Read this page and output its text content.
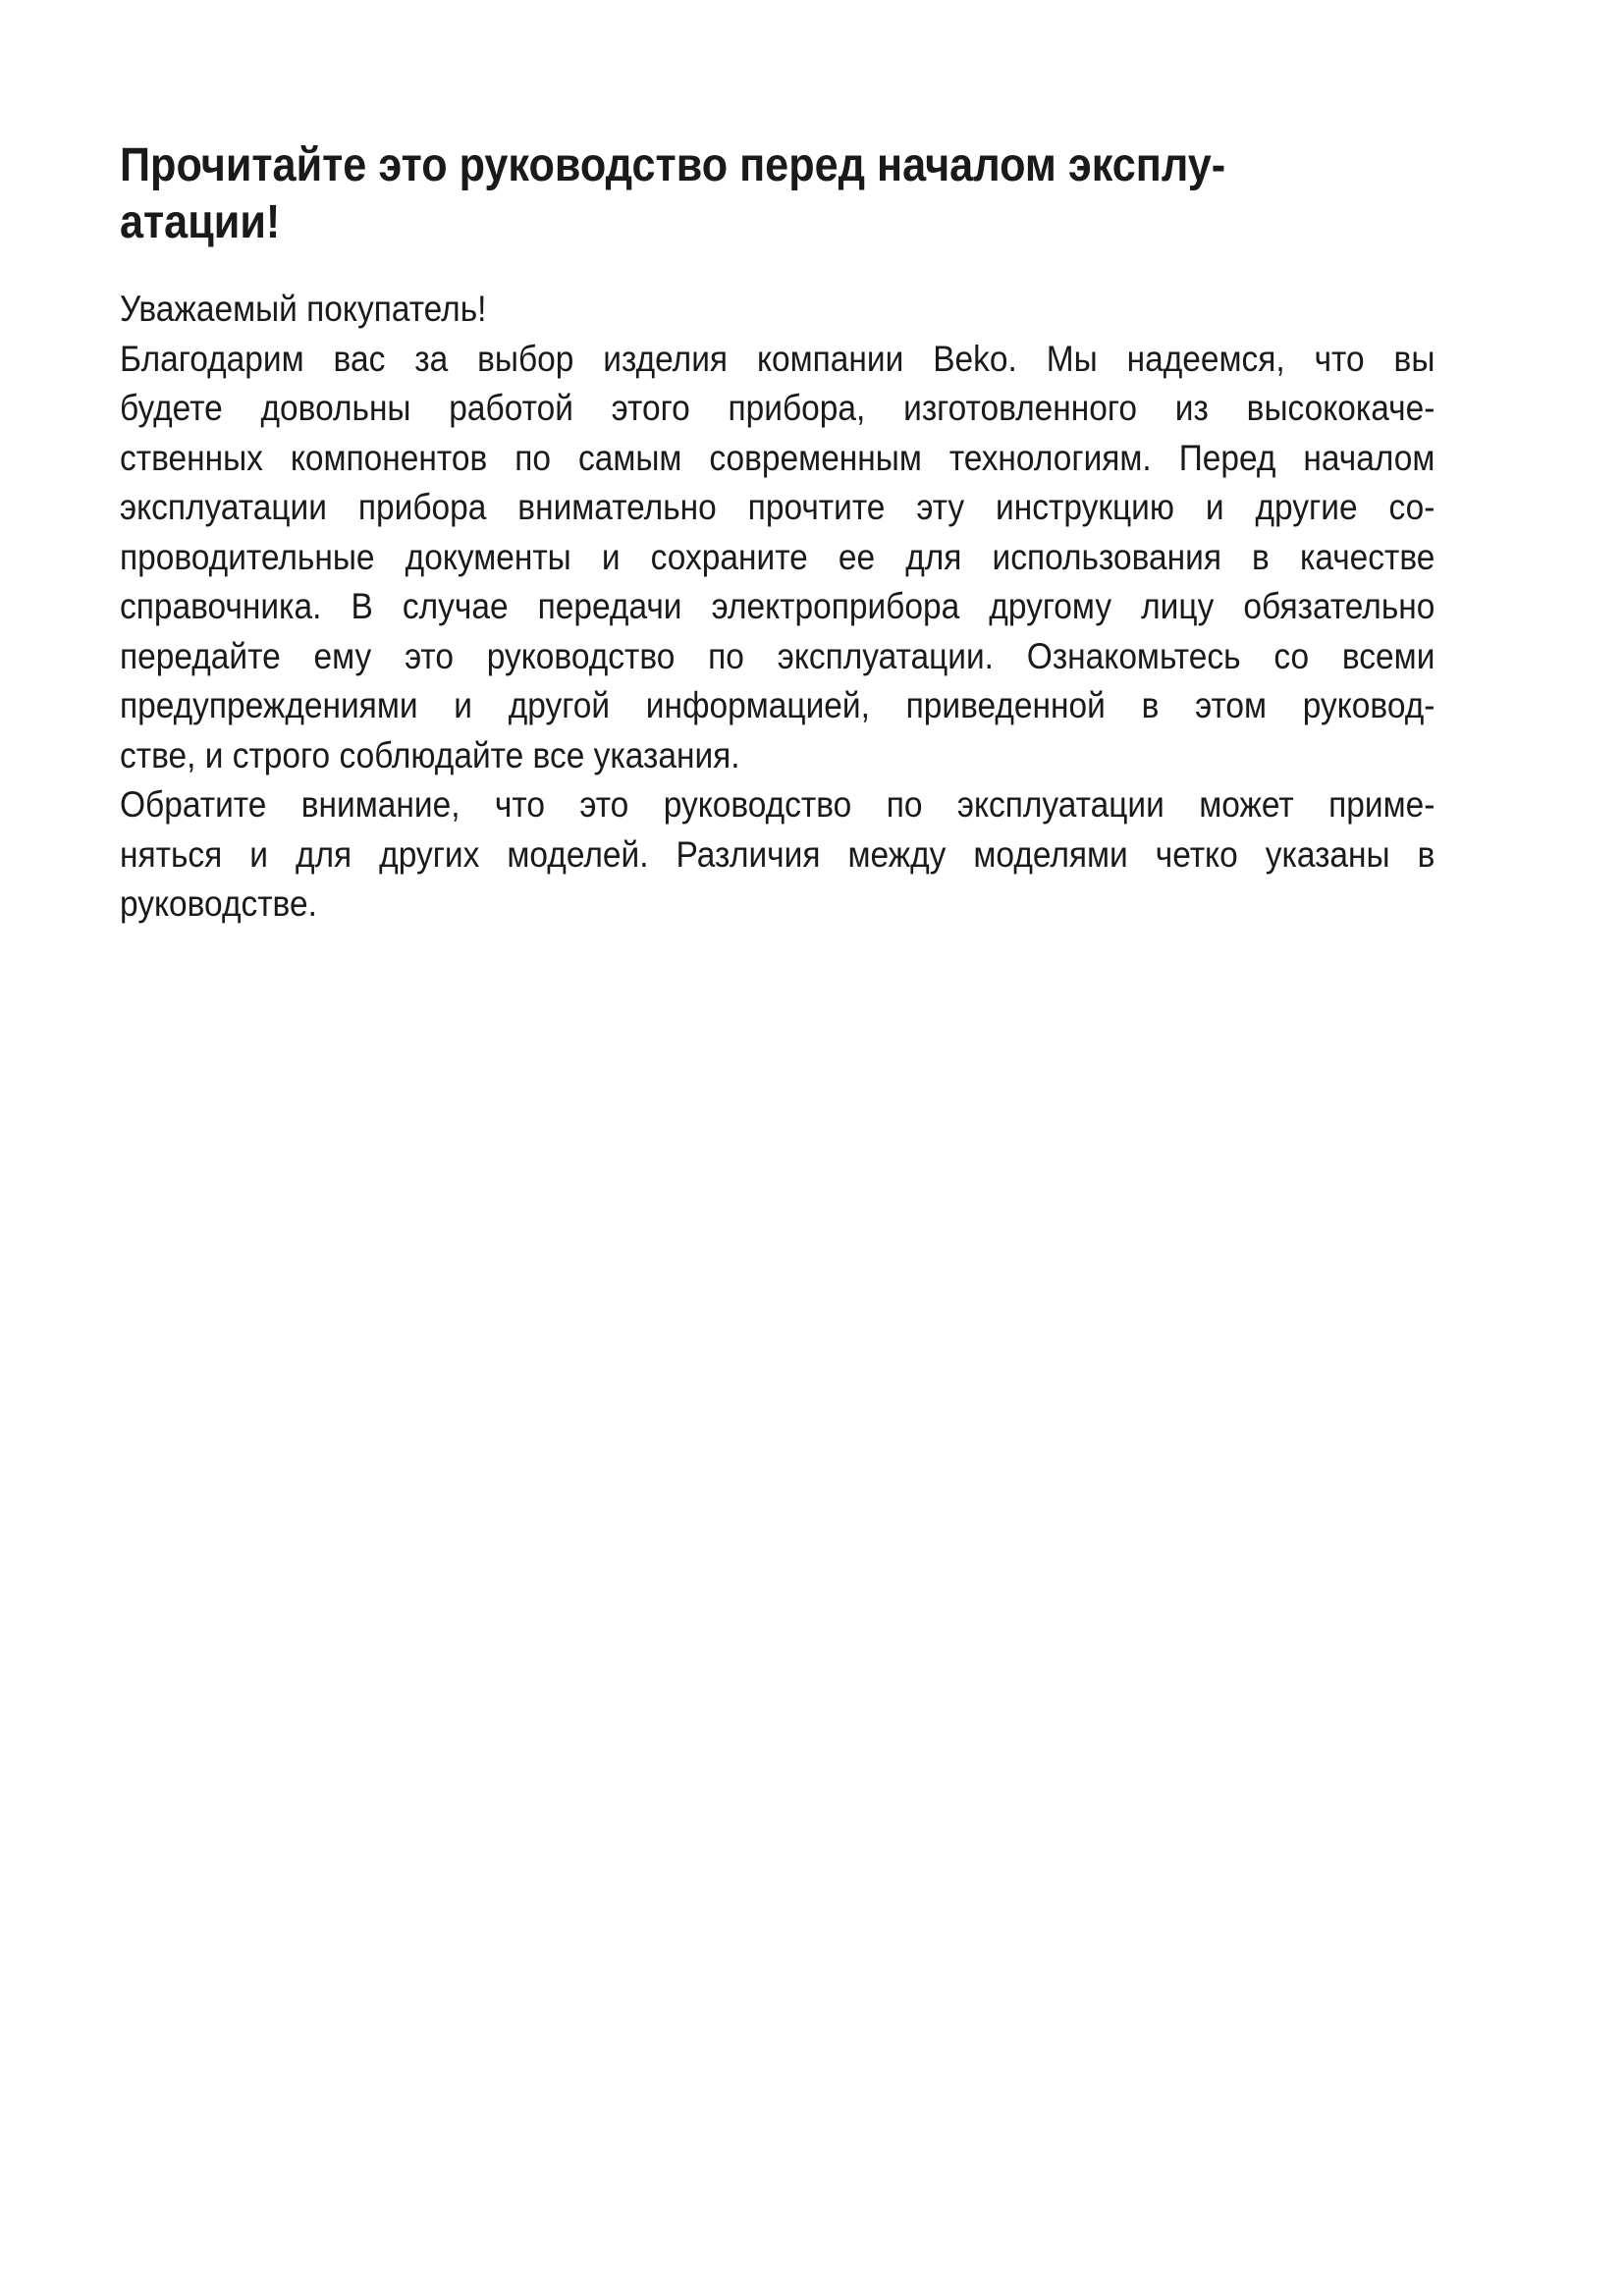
Прочитайте это руководство перед началом эксплу-
атации!
Уважаемый покупатель!
Благодарим вас за выбор изделия компании Beko. Мы надеемся, что вы
будете довольны работой этого прибора, изготовленного из высококаче-
ственных компонентов по самым современным технологиям. Перед началом
эксплуатации прибора внимательно прочтите эту инструкцию и другие со-
проводительные документы и сохраните ее для использования в качестве
справочника. В случае передачи электроприбора другому лицу обязательно
передайте ему это руководство по эксплуатации. Ознакомьтесь со всеми
предупреждениями и другой информацией, приведенной в этом руковод-
стве, и строго соблюдайте все указания.
Обратите внимание, что это руководство по эксплуатации может приме-
няться и для других моделей. Различия между моделями четко указаны в
руководстве.
